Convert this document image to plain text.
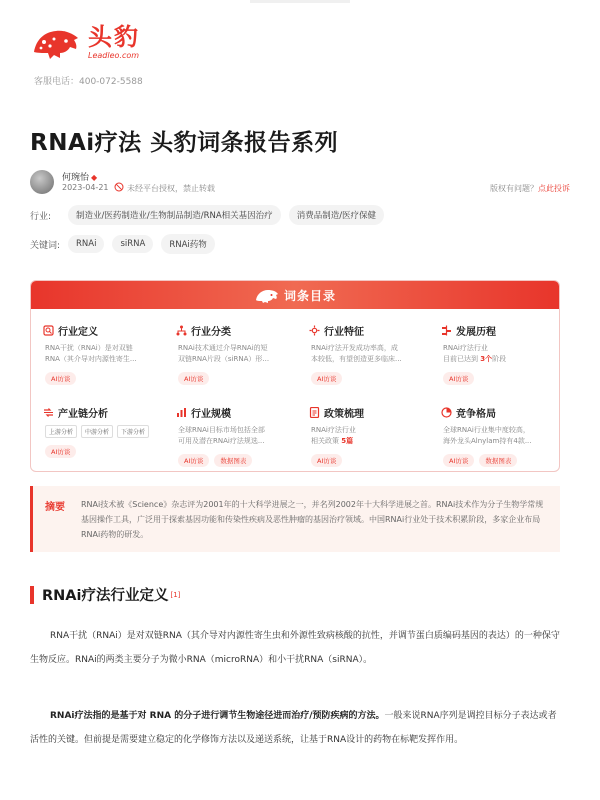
头豹
Leadleo.com
客服电话：400-072-5588
RNAi疗法 头豹词条报告系列
何琬怡 ◆
2023-04-21 未经平台授权，禁止转载	版权有问题？点此投诉
行业:	制造业/医药制造业/生物制品制造/RNA相关基因治疗	消费品制造/医疗保健
关键词:	RNAi	siRNA	RNAi药物
词条目录
行业定义
RNA干扰（RNAi）是对双链
RNA（其介导对内源性寄生...
AI访谈
行业分类
RNAi技术通过介导RNAi的短
双链RNA片段（siRNA）形...
AI访谈
行业特征
RNAi疗法开发成功率高，成
本较低，有望创造更多临床...
AI访谈
发展历程
RNAi疗法行业
目前已达到 3个阶段
AI访谈
产业链分析
上游分析	中游分析	下游分析
AI访谈
行业规模
全球RNAi目标市场包括全部
可用及潜在RNAi疗法规选...
AI访谈	数据图表
政策梳理
RNAi疗法行业
相关政策 5篇
AI访谈
竞争格局
全球RNAi行业集中度较高，
海外龙头Alnylam持有4款...
AI访谈	数据图表
摘要 RNAi技术被《Science》杂志评为2001年的十大科学进展之一，并名列2002年十大科学进展之首。RNAi技术作为分子生物学常规基因操作工具，广泛用于探索基因功能和传染性疾病及恶性肿瘤的基因治疗领域。中国RNAi行业处于技术积累阶段，多家企业布局RNAi药物的研发。
RNAi疗法行业定义 [1]
RNA干扰（RNAi）是对双链RNA（其介导对内源性寄生虫和外源性致病核酸的抗性，并调节蛋白质编码基因的表达）的一种保守生物反应。RNAi的两类主要分子为微小RNA（microRNA）和小干扰RNA（siRNA）。
RNAi疗法指的是基于对 RNA 的分子进行调节生物途径进而治疗/预防疾病的方法。一般来说RNA序列是调控目标分子表达或者活性的关键。但前提是需要建立稳定的化学修饰方法以及递送系统，让基于RNA设计的药物在标靶发挥作用。
